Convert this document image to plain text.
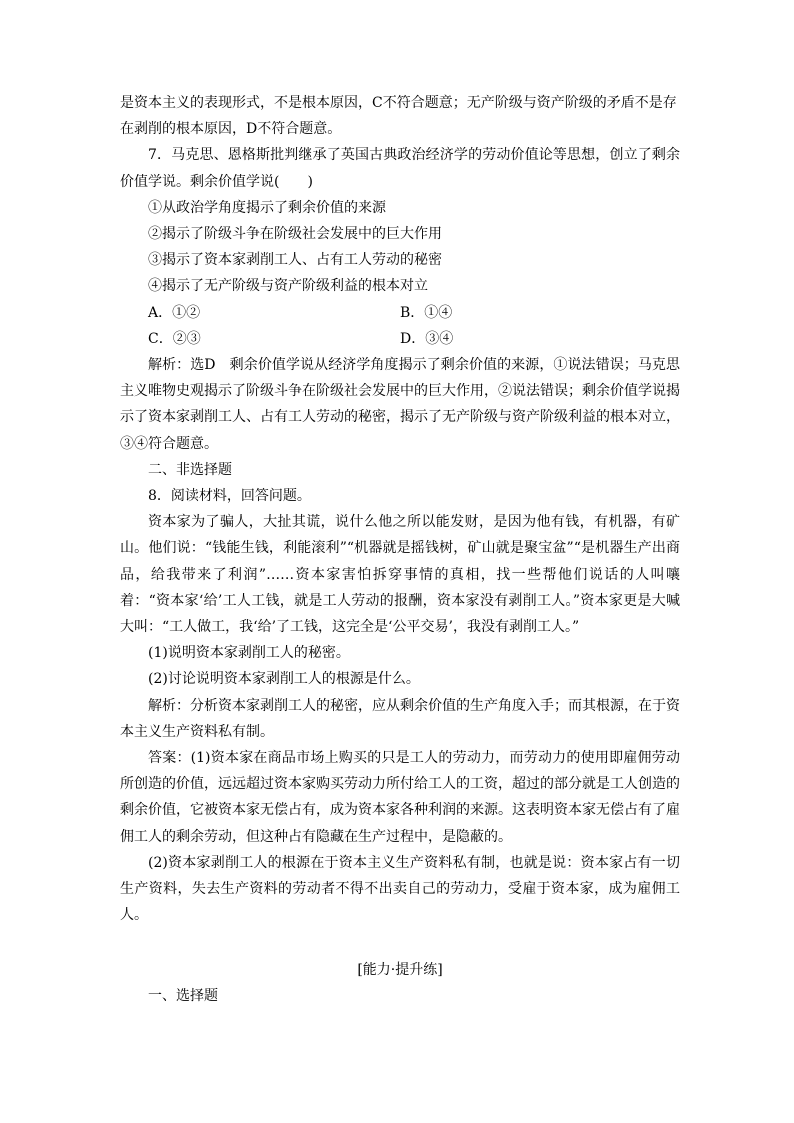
是资本主义的表现形式，不是根本原因，C不符合题意；无产阶级与资产阶级的矛盾不是存

在剥削的根本原因，D不符合题意。

7．马克思、恩格斯批判继承了英国古典政治经济学的劳动价值论等思想，创立了剩余价值学说。剩余价值学说(　　)

①从政治学角度揭示了剩余价值的来源

②揭示了阶级斗争在阶级社会发展中的巨大作用

③揭示了资本家剥削工人、占有工人劳动的秘密

④揭示了无产阶级与资产阶级利益的根本对立

A．①②	B．①④
C．②③	D．③④

解析：选D　剩余价值学说从经济学角度揭示了剩余价值的来源，①说法错误；马克思主义唯物史观揭示了阶级斗争在阶级社会发展中的巨大作用，②说法错误；剩余价值学说揭示了资本家剥削工人、占有工人劳动的秘密，揭示了无产阶级与资产阶级利益的根本对立，③④符合题意。

二、非选择题

8．阅读材料，回答问题。

资本家为了骗人，大扯其谎，说什么他之所以能发财，是因为他有钱，有机器，有矿山。他们说：“钱能生钱，利能滚利”“机器就是摇钱树，矿山就是聚宝盆”“是机器生产出商品，给我带来了利润”……资本家害怕拆穿事情的真相，找一些帮他们说话的人叫嚷着：“资本家‘给’工人工钱，就是工人劳动的报酬，资本家没有剥削工人。”资本家更是大喊大叫：“工人做工，我‘给’了工钱，这完全是‘公平交易’，我没有剥削工人。”

(1)说明资本家剥削工人的秘密。

(2)讨论说明资本家剥削工人的根源是什么。

解析：分析资本家剥削工人的秘密，应从剩余价值的生产角度入手；而其根源，在于资本主义生产资料私有制。

答案：(1)资本家在商品市场上购买的只是工人的劳动力，而劳动力的使用即雇佣劳动所创造的价值，远远超过资本家购买劳动力所付给工人的工资，超过的部分就是工人创造的剩余价值，它被资本家无偿占有，成为资本家各种利润的来源。这表明资本家无偿占有了雇佣工人的剩余劳动，但这种占有隐藏在生产过程中，是隐蔽的。

(2)资本家剥削工人的根源在于资本主义生产资料私有制，也就是说：资本家占有一切生产资料，失去生产资料的劳动者不得不出卖自己的劳动力，受雇于资本家，成为雇佣工人。

[能力·提升练]

一、选择题
